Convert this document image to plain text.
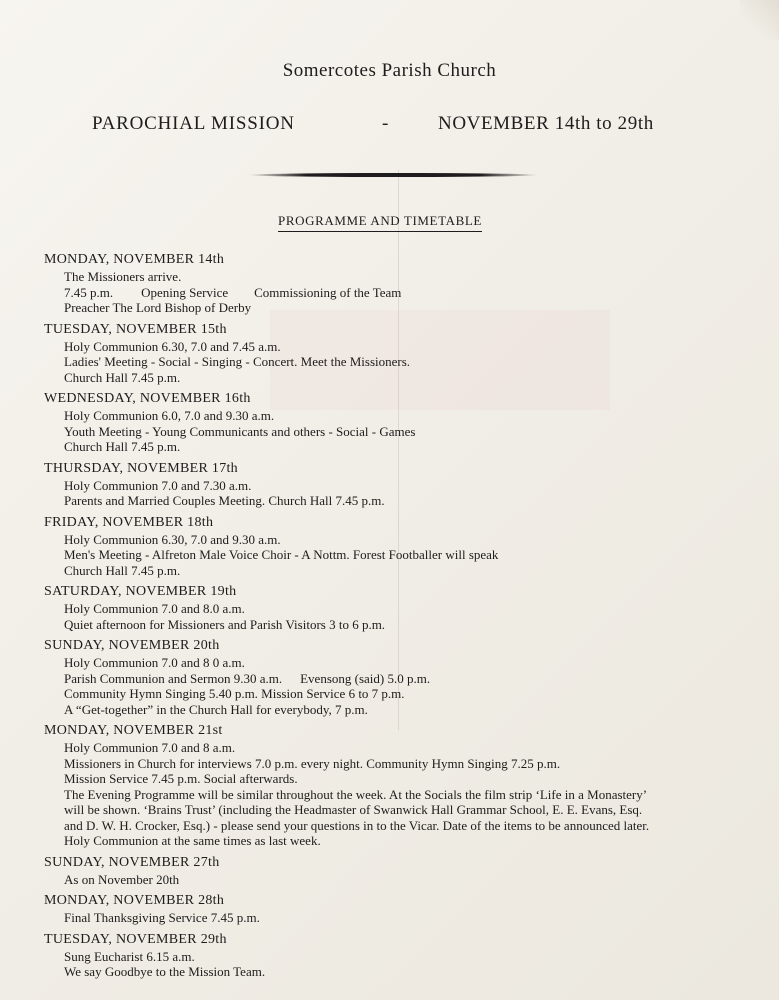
Somercotes Parish Church
PAROCHIAL MISSION	-	NOVEMBER 14th to 29th
PROGRAMME AND TIMETABLE
MONDAY, NOVEMBER 14th
The Missioners arrive.
7.45 p.m. Opening Service Commissioning of the Team
Preacher The Lord Bishop of Derby
TUESDAY, NOVEMBER 15th
Holy Communion 6.30, 7.0 and 7.45 a.m.
Ladies' Meeting - Social - Singing - Concert. Meet the Missioners.
Church Hall 7.45 p.m.
WEDNESDAY, NOVEMBER 16th
Holy Communion 6.0, 7.0 and 9.30 a.m.
Youth Meeting - Young Communicants and others - Social - Games
Church Hall 7.45 p.m.
THURSDAY, NOVEMBER 17th
Holy Communion 7.0 and 7.30 a.m.
Parents and Married Couples Meeting. Church Hall 7.45 p.m.
FRIDAY, NOVEMBER 18th
Holy Communion 6.30, 7.0 and 9.30 a.m.
Men's Meeting - Alfreton Male Voice Choir - A Nottm. Forest Footballer will speak
Church Hall 7.45 p.m.
SATURDAY, NOVEMBER 19th
Holy Communion 7.0 and 8.0 a.m.
Quiet afternoon for Missioners and Parish Visitors 3 to 6 p.m.
SUNDAY, NOVEMBER 20th
Holy Communion 7.0 and 8 0 a.m.
Parish Communion and Sermon 9.30 a.m. Evensong (said) 5.0 p.m.
Community Hymn Singing 5.40 p.m. Mission Service 6 to 7 p.m.
A “Get-together” in the Church Hall for everybody, 7 p.m.
MONDAY, NOVEMBER 21st
Holy Communion 7.0 and 8 a.m.
Missioners in Church for interviews 7.0 p.m. every night. Community Hymn Singing 7.25 p.m.
Mission Service 7.45 p.m. Social afterwards.
The Evening Programme will be similar throughout the week. At the Socials the film strip ‘Life in a Monastery’
will be shown. ‘Brains Trust’ (including the Headmaster of Swanwick Hall Grammar School, E. E. Evans, Esq.
and D. W. H. Crocker, Esq.) - please send your questions in to the Vicar. Date of the items to be announced later.
Holy Communion at the same times as last week.
SUNDAY, NOVEMBER 27th
As on November 20th
MONDAY, NOVEMBER 28th
Final Thanksgiving Service 7.45 p.m.
TUESDAY, NOVEMBER 29th
Sung Eucharist 6.15 a.m.
We say Goodbye to the Mission Team.
